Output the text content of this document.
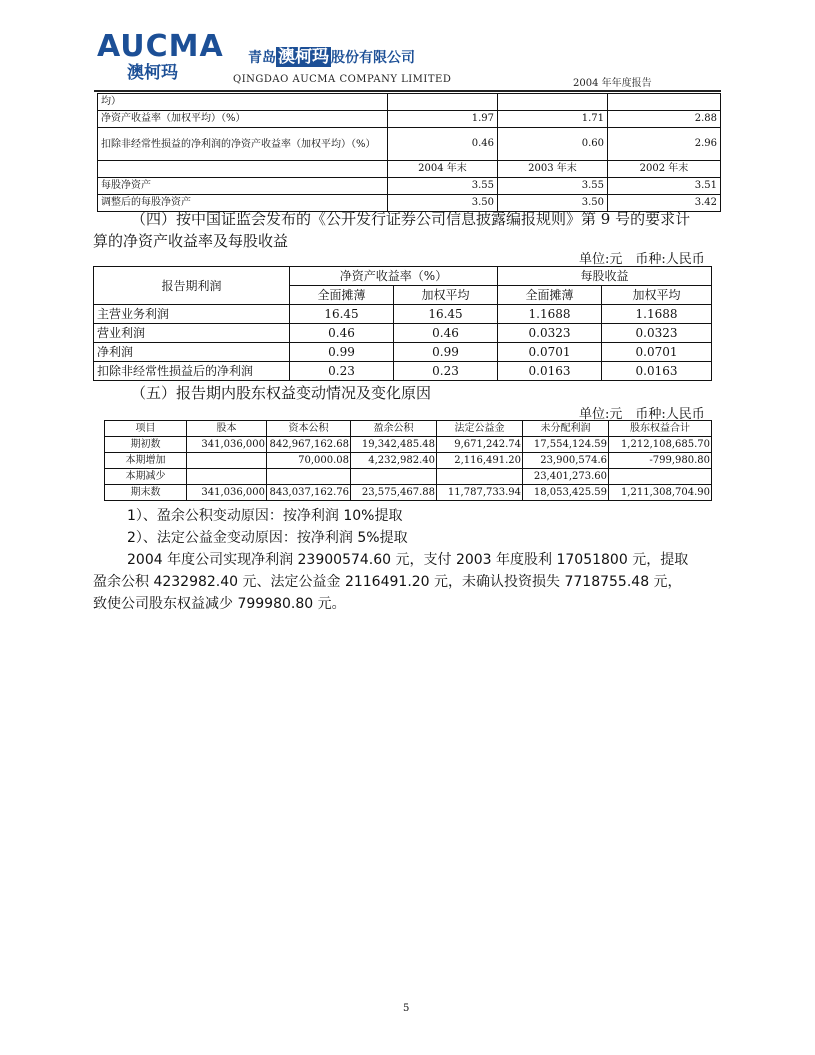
AUCMA
澳柯玛
青岛 澳柯玛 股份有限公司
QINGDAO AUCMA COMPANY LIMITED	2004 年年度报告
均）			
净资产收益率（加权平均）（%）	1.97	1.71	2.88
扣除非经常性损益的净利润的净资产收益率（加权平均）（%）	0.46	0.60	2.96
	2004 年末	2003 年末	2002 年末
每股净资产	3.55	3.55	3.51
调整后的每股净资产	3.50	3.50	3.42
（四）按中国证监会发布的《公开发行证券公司信息披露编报规则》第 9 号的要求计
算的净资产收益率及每股收益
单位:元　币种:人民币
报告期利润	净资产收益率（%）		每股收益	
	全面摊薄	加权平均	全面摊薄	加权平均
主营业务利润	16.45	16.45	1.1688	1.1688
营业利润	0.46	0.46	0.0323	0.0323
净利润	0.99	0.99	0.0701	0.0701
扣除非经常性损益后的净利润	0.23	0.23	0.0163	0.0163
（五）报告期内股东权益变动情况及变化原因
单位:元　币种:人民币
项目	股本	资本公积	盈余公积	法定公益金	未分配利润	股东权益合计
期初数	341,036,000	842,967,162.68	19,342,485.48	9,671,242.74	17,554,124.59	1,212,108,685.70
本期增加		70,000.08	4,232,982.40	2,116,491.20	23,900,574.6	-799,980.80
本期减少					23,401,273.60	
期末数	341,036,000	843,037,162.76	23,575,467.88	11,787,733.94	18,053,425.59	1,211,308,704.90
1）、盈余公积变动原因：按净利润 10%提取
2）、法定公益金变动原因：按净利润 5%提取
2004 年度公司实现净利润 23900574.60 元，支付 2003 年度股利 17051800 元，提取
盈余公积 4232982.40 元、法定公益金 2116491.20 元，未确认投资损失 7718755.48 元，
致使公司股东权益减少 799980.80 元。
5
